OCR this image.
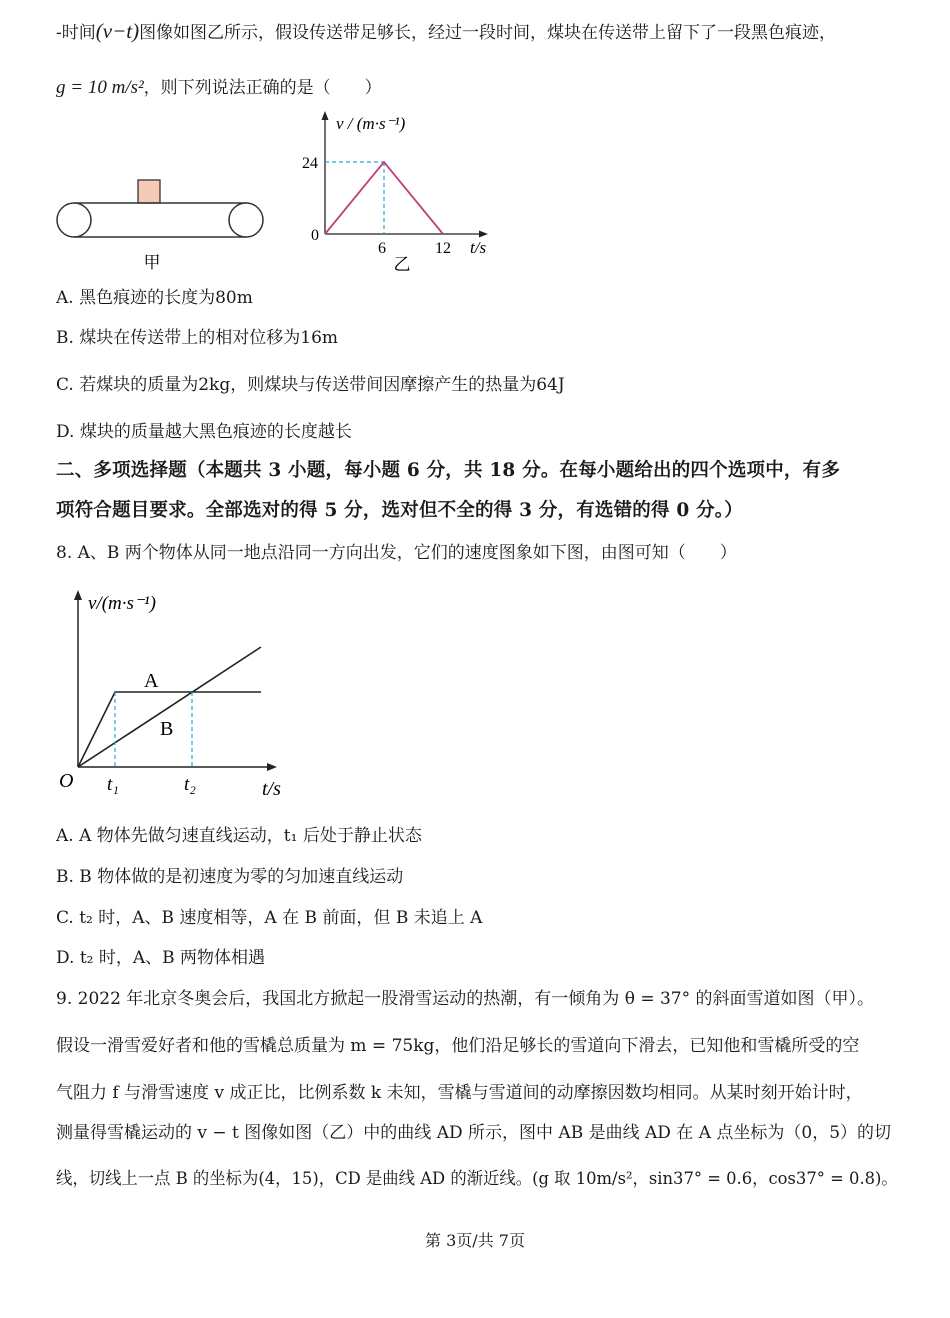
-时间(v−t)图像如图乙所示，假设传送带足够长，经过一段时间，煤块在传送带上留下了一段黑色痕迹，
g = 10 m/s²，则下列说法正确的是（　　）
甲
v / (m·s⁻¹)
24
0
6	12 t/s
乙
A. 黑色痕迹的长度为80m
B. 煤块在传送带上的相对位移为16m
C. 若煤块的质量为2kg，则煤块与传送带间因摩擦产生的热量为64J
D. 煤块的质量越大黑色痕迹的长度越长
二、多项选择题（本题共 3 小题，每小题 6 分，共 18 分。在每小题给出的四个选项中，有多
项符合题目要求。全部选对的得 5 分，选对但不全的得 3 分，有选错的得 0 分。）
8. A、B 两个物体从同一地点沿同一方向出发，它们的速度图象如下图，由图可知（　　）
v/(m·s⁻¹)
A
B
O t₁	t₂	t/s
A. A 物体先做匀速直线运动，t₁ 后处于静止状态
B. B 物体做的是初速度为零的匀加速直线运动
C. t₂ 时，A、B 速度相等，A 在 B 前面，但 B 未追上 A
D. t₂ 时，A、B 两物体相遇
9. 2022 年北京冬奥会后，我国北方掀起一股滑雪运动的热潮，有一倾角为 θ = 37° 的斜面雪道如图（甲）。
假设一滑雪爱好者和他的雪橇总质量为 m = 75kg，他们沿足够长的雪道向下滑去，已知他和雪橇所受的空
气阻力 f 与滑雪速度 v 成正比，比例系数 k 未知，雪橇与雪道间的动摩擦因数均相同。从某时刻开始计时，
测量得雪橇运动的 v − t 图像如图（乙）中的曲线 AD 所示，图中 AB 是曲线 AD 在 A 点坐标为（0，5）的切
线，切线上一点 B 的坐标为(4，15)，CD 是曲线 AD 的渐近线。(g 取 10m/s²，sin37° = 0.6，cos37° = 0.8)。
第 3页/共 7页
